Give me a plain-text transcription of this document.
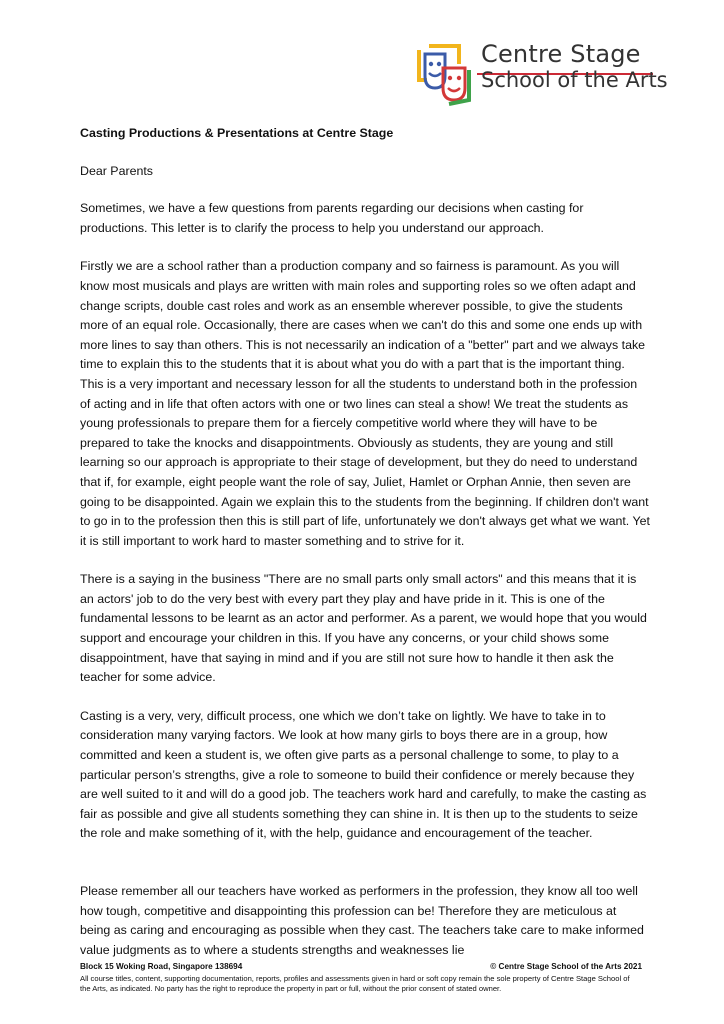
Centre Stage
School of the Arts

Casting Productions & Presentations at Centre Stage

Dear Parents

Sometimes, we have a few questions from parents regarding our decisions when casting for productions. This letter is to clarify the process to help you understand our approach.

Firstly we are a school rather than a production company and so fairness is paramount. As you will know most musicals and plays are written with main roles and supporting roles so we often adapt and change scripts, double cast roles and work as an ensemble wherever possible, to give the students more of an equal role. Occasionally, there are cases when we can't do this and some one ends up with more lines to say than others. This is not necessarily an indication of a "better" part and we always take time to explain this to the students that it is about what you do with a part that is the important thing. This is a very important and necessary lesson for all the students to understand both in the profession of acting and in life that often actors with one or two lines can steal a show! We treat the students as young professionals to prepare them for a fiercely competitive world where they will have to be prepared to take the knocks and disappointments. Obviously as students, they are young and still learning so our approach is appropriate to their stage of development, but they do need to understand that if, for example, eight people want the role of say, Juliet, Hamlet or Orphan Annie, then seven are going to be disappointed. Again we explain this to the students from the beginning. If children don't want to go in to the profession then this is still part of life, unfortunately we don't always get what we want. Yet it is still important to work hard to master something and to strive for it.

There is a saying in the business "There are no small parts only small actors" and this means that it is an actors' job to do the very best with every part they play and have pride in it. This is one of the fundamental lessons to be learnt as an actor and performer. As a parent, we would hope that you would support and encourage your children in this. If you have any concerns, or your child shows some disappointment, have that saying in mind and if you are still not sure how to handle it then ask the teacher for some advice.

Casting is a very, very, difficult process, one which we don’t take on lightly. We have to take in to consideration many varying factors. We look at how many girls to boys there are in a group, how committed and keen a student is, we often give parts as a personal challenge to some, to play to a particular person’s strengths, give a role to someone to build their confidence or merely because they are well suited to it and will do a good job. The teachers work hard and carefully, to make the casting as fair as possible and give all students something they can shine in. It is then up to the students to seize the role and make something of it, with the help, guidance and encouragement of the teacher.

Please remember all our teachers have worked as performers in the profession, they know all too well how tough, competitive and disappointing this profession can be! Therefore they are meticulous at being as caring and encouraging as possible when they cast. The teachers take care to make informed value judgments as to where a students strengths and weaknesses lie

Block 15 Woking Road, Singapore 138694	© Centre Stage School of the Arts 2021
All course titles, content, supporting documentation, reports, profiles and assessments given in hard or soft copy remain the sole property of Centre Stage School of the Arts, as indicated. No party has the right to reproduce the property in part or full, without the prior consent of stated owner.
